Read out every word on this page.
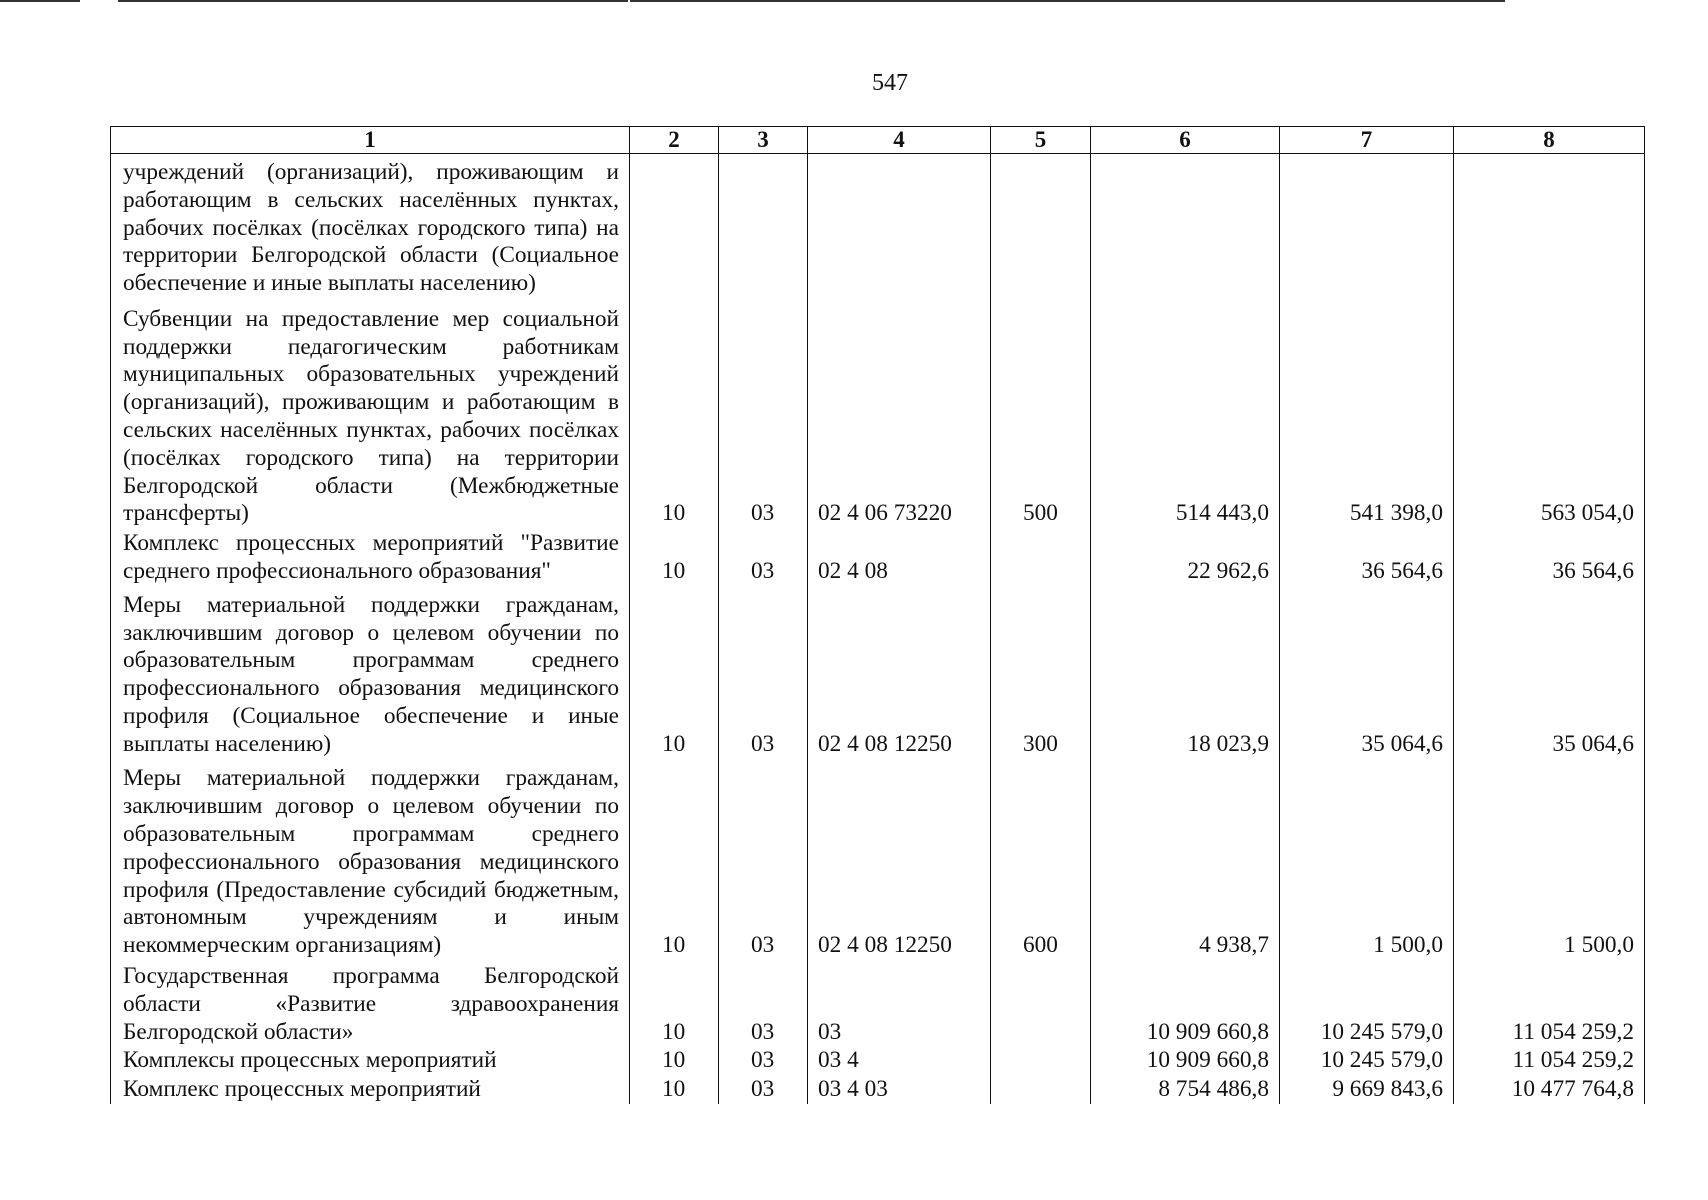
547
1	2	3	4	5	6	7	8
учреждений (организаций), проживающим и работающим в сельских населённых пунктах, рабочих посёлках (посёлках городского типа) на территории Белгородской области (Социальное обеспечение и иные выплаты населению)							
Субвенции на предоставление мер социальной поддержки педагогическим работникам муниципальных образовательных учреждений (организаций), проживающим и работающим в сельских населённых пунктах, рабочих посёлках (посёлках городского типа) на территории Белгородской области (Межбюджетные трансферты)	10	03	02 4 06 73220	500	514 443,0	541 398,0	563 054,0
Комплекс процессных мероприятий "Развитие среднего профессионального образования"	10	03	02 4 08		22 962,6	36 564,6	36 564,6
Меры материальной поддержки гражданам, заключившим договор о целевом обучении по образовательным программам среднего профессионального образования медицинского профиля (Социальное обеспечение и иные выплаты населению)	10	03	02 4 08 12250	300	18 023,9	35 064,6	35 064,6
Меры материальной поддержки гражданам, заключившим договор о целевом обучении по образовательным программам среднего профессионального образования медицинского профиля (Предоставление субсидий бюджетным, автономным учреждениям и иным некоммерческим организациям)	10	03	02 4 08 12250	600	4 938,7	1 500,0	1 500,0
Государственная программа Белгородской области «Развитие здравоохранения Белгородской области»	10	03	03		10 909 660,8	10 245 579,0	11 054 259,2
Комплексы процессных мероприятий	10	03	03 4		10 909 660,8	10 245 579,0	11 054 259,2
Комплекс процессных мероприятий	10	03	03 4 03		8 754 486,8	9 669 843,6	10 477 764,8
